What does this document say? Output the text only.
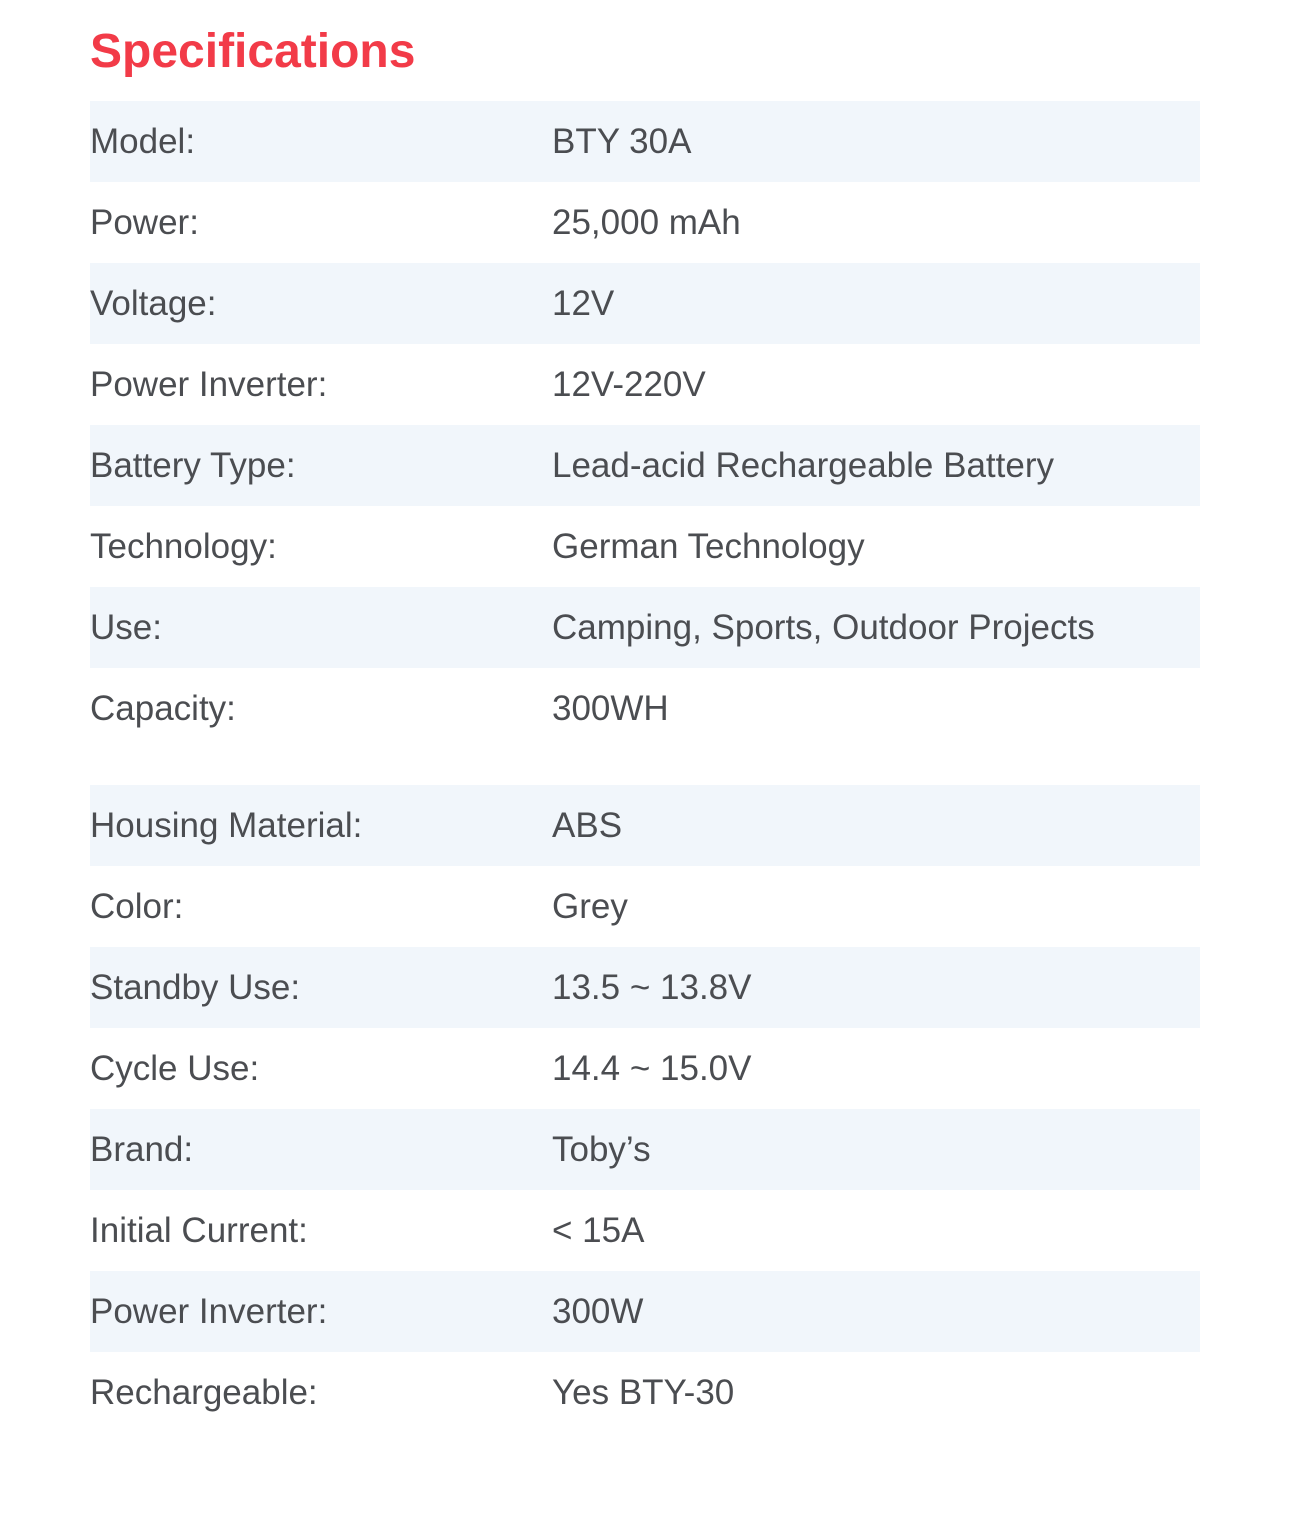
Specifications
Model:	BTY 30A
Power:	25,000 mAh
Voltage:	12V
Power Inverter:	12V-220V
Battery Type:	Lead-acid Rechargeable Battery
Technology:	German Technology
Use:	Camping, Sports, Outdoor Projects
Capacity:	300WH
Housing Material:	ABS
Color:	Grey
Standby Use:	13.5 ~ 13.8V
Cycle Use:	14.4 ~ 15.0V
Brand:	Toby’s
Initial Current:	< 15A
Power Inverter:	300W
Rechargeable:	Yes BTY-30
